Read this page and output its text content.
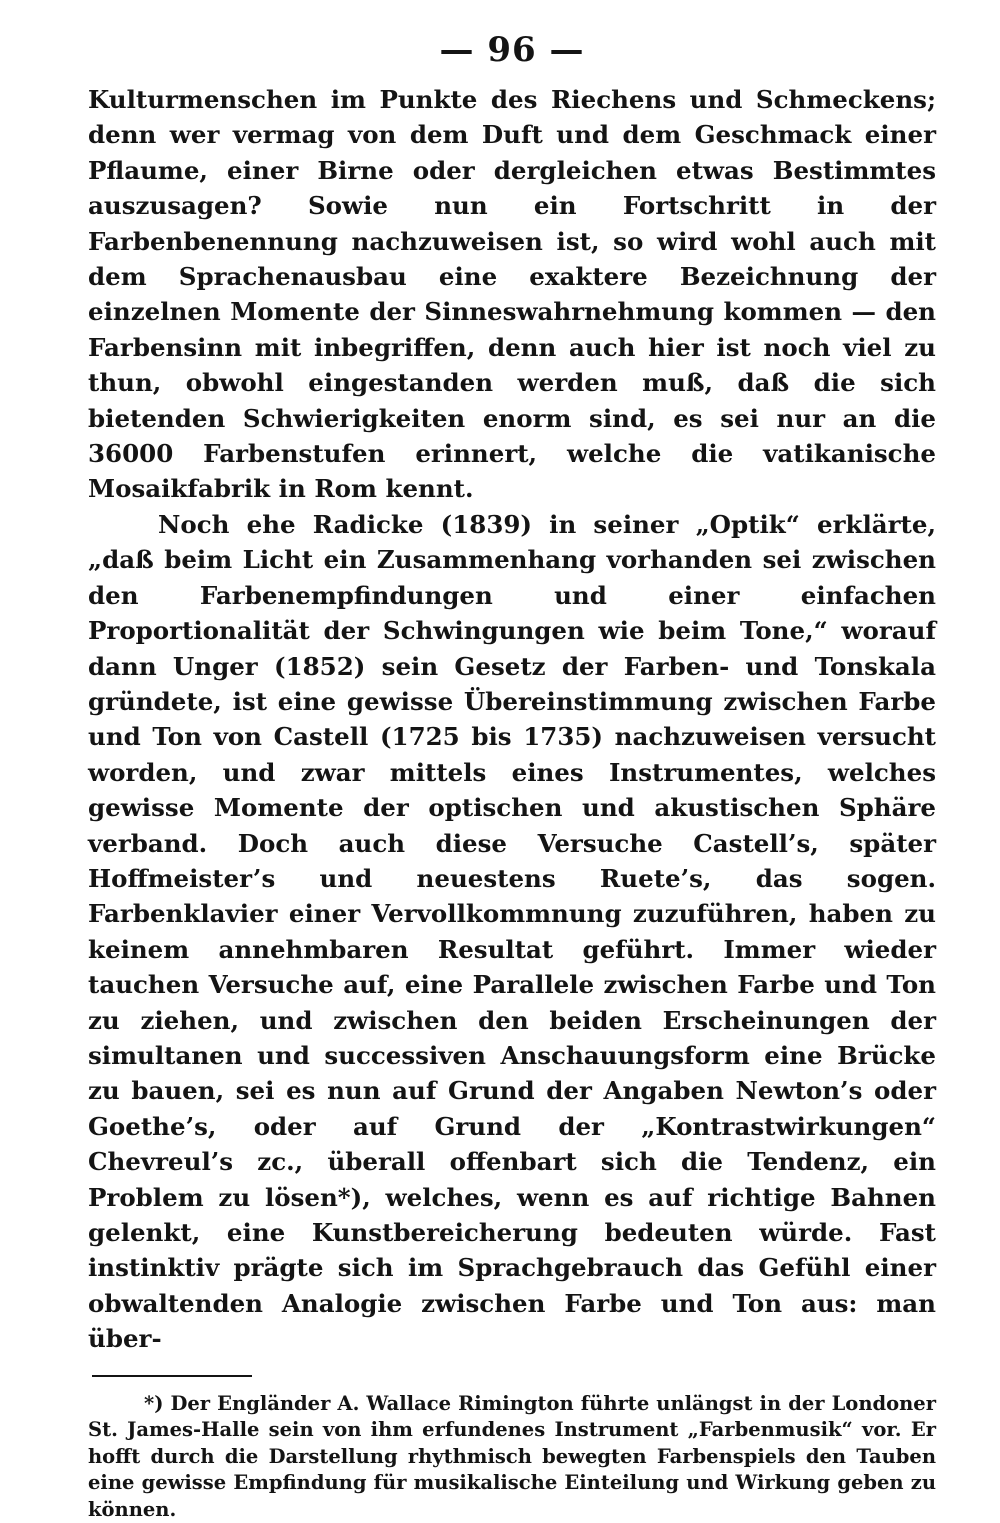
— 96 —

Kulturmenschen im Punkte des Riechens und Schmeckens; denn wer vermag von dem Duft und dem Geschmack einer Pflaume, einer Birne oder dergleichen etwas Bestimmtes auszusagen? Sowie nun ein Fortschritt in der Farbenbenennung nachzuweisen ist, so wird wohl auch mit dem Sprachenausbau eine exaktere Bezeichnung der einzelnen Momente der Sinneswahrnehmung kommen — den Farbensinn mit inbegriffen, denn auch hier ist noch viel zu thun, obwohl eingestanden werden muß, daß die sich bietenden Schwierigkeiten enorm sind, es sei nur an die 36000 Farbenstufen erinnert, welche die vatikanische Mosaikfabrik in Rom kennt.

Noch ehe Radicke (1839) in seiner „Optik“ erklärte, „daß beim Licht ein Zusammenhang vorhanden sei zwischen den Farbenempfindungen und einer einfachen Proportionalität der Schwingungen wie beim Tone,“ worauf dann Unger (1852) sein Gesetz der Farben- und Tonskala gründete, ist eine gewisse Übereinstimmung zwischen Farbe und Ton von Castell (1725 bis 1735) nachzuweisen versucht worden, und zwar mittels eines Instrumentes, welches gewisse Momente der optischen und akustischen Sphäre verband. Doch auch diese Versuche Castell’s, später Hoffmeister’s und neuestens Ruete’s, das sogen. Farbenklavier einer Vervollkommnung zuzuführen, haben zu keinem annehmbaren Resultat geführt. Immer wieder tauchen Versuche auf, eine Parallele zwischen Farbe und Ton zu ziehen, und zwischen den beiden Erscheinungen der simultanen und successiven Anschauungsform eine Brücke zu bauen, sei es nun auf Grund der Angaben Newton’s oder Goethe’s, oder auf Grund der „Kontrastwirkungen“ Chevreul’s zc., überall offenbart sich die Tendenz, ein Problem zu lösen*), welches, wenn es auf richtige Bahnen gelenkt, eine Kunstbereicherung bedeuten würde. Fast instinktiv prägte sich im Sprachgebrauch das Gefühl einer obwaltenden Analogie zwischen Farbe und Ton aus: man über-

*) Der Engländer A. Wallace Rimington führte unlängst in der Londoner St. James-Halle sein von ihm erfundenes Instrument „Farbenmusik“ vor. Er hofft durch die Darstellung rhythmisch bewegten Farbenspiels den Tauben eine gewisse Empfindung für musikalische Einteilung und Wirkung geben zu können.
